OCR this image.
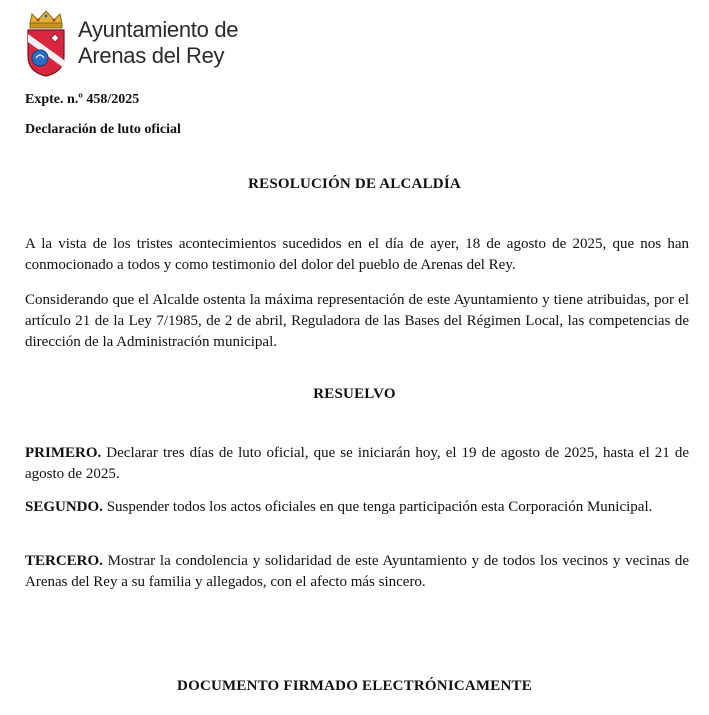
Ayuntamiento de
Arenas del Rey
Expte. n.º 458/2025
Declaración de luto oficial
RESOLUCIÓN DE ALCALDÍA
A la vista de los tristes acontecimientos sucedidos en el día de ayer, 18 de agosto de 2025, que nos han conmocionado a todos y como testimonio del dolor del pueblo de Arenas del Rey.
Considerando que el Alcalde ostenta la máxima representación de este Ayuntamiento y tiene atribuidas, por el artículo 21 de la Ley 7/1985, de 2 de abril, Reguladora de las Bases del Régimen Local, las competencias de dirección de la Administración municipal.
RESUELVO
PRIMERO. Declarar tres días de luto oficial, que se iniciarán hoy, el 19 de agosto de 2025, hasta el 21 de agosto de 2025.
SEGUNDO. Suspender todos los actos oficiales en que tenga participación esta Corporación Municipal.
TERCERO. Mostrar la condolencia y solidaridad de este Ayuntamiento y de todos los vecinos y vecinas de Arenas del Rey a su familia y allegados, con el afecto más sincero.
DOCUMENTO FIRMADO ELECTRÓNICAMENTE
